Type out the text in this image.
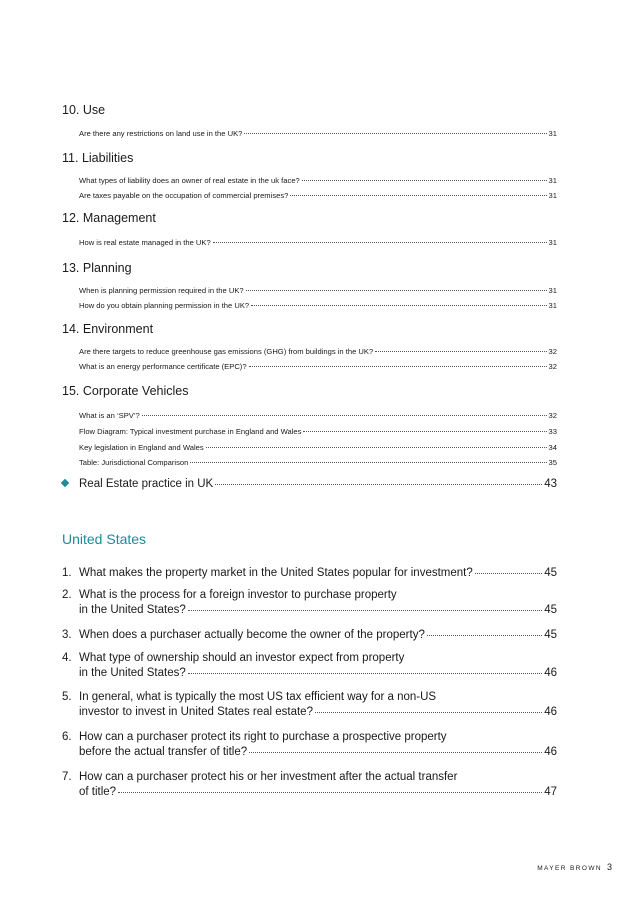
10. Use
Are there any restrictions on land use in the UK?	31
11. Liabilities
What types of liability does an owner of real estate in the uk face?	31
Are taxes payable on the occupation of commercial premises?	31
12. Management
How is real estate managed in the UK?	31
13. Planning
When is planning permission required in the UK?	31
How do you obtain planning permission in the UK?	31
14. Environment
Are there targets to reduce greenhouse gas emissions (GHG) from buildings in the UK?	32
What is an energy performance certificate (EPC)?	32
15. Corporate Vehicles
What is an ‘SPV’?	32
Flow Diagram: Typical investment purchase in England and Wales	33
Key legislation in England and Wales	34
Table: Jurisdictional Comparison	35
Real Estate practice in UK	43
United States
1. What makes the property market in the United States popular for investment?	45
2. What is the process for a foreign investor to purchase property
in the United States?	45
3. When does a purchaser actually become the owner of the property?	45
4. What type of ownership should an investor expect from property
in the United States?	46
5. In general, what is typically the most US tax efficient way for a non-US
investor to invest in United States real estate?	46
6. How can a purchaser protect its right to purchase a prospective property
before the actual transfer of title?	46
7. How can a purchaser protect his or her investment after the actual transfer
of title?	47
MAYER BROWN 3
